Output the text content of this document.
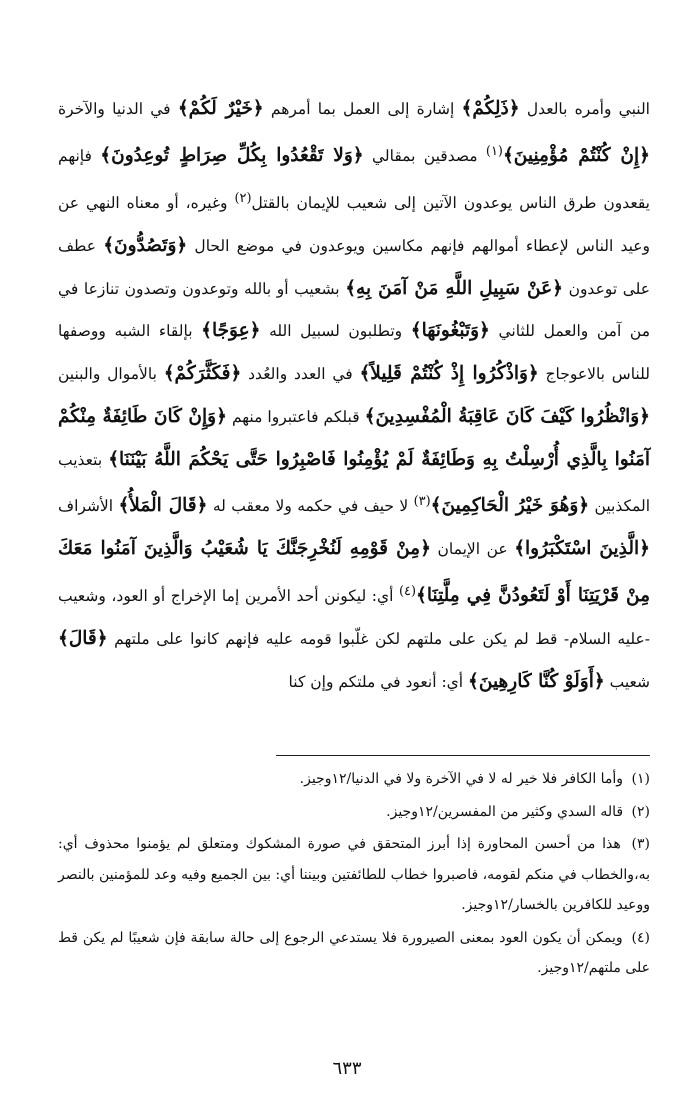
النبي وأمره بالعدل ﴿ذَلِكُمْ﴾ إشارة إلى العمل بما أمرهم ﴿خَيْرٌ لَكُمْ﴾ في الدنيا والآخرة ﴿إِنْ كُنْتُمْ مُؤْمِنِينَ﴾$^{(١)}$ مصدقين بمقالي ﴿وَلا تَقْعُدُوا بِكُلِّ صِرَاطٍ تُوعِدُونَ﴾ فإنهم يقعدون طرق الناس يوعدون الآتين إلى شعيب للإيمان بالقتل$^{(٢)}$ وغيره، أو معناه النهي عن وعيد الناس لإعطاء أموالهم فإنهم مكاسين ويوعدون في موضع الحال ﴿وَتَصُدُّونَ﴾ عطف على توعدون ﴿عَنْ سَبِيلِ اللَّهِ مَنْ آمَنَ بِهِ﴾ بشعيب أو بالله وتوعدون وتصدون تنازعا في من آمن والعمل للثاني ﴿وَتَبْغُونَهَا﴾ وتطلبون لسبيل الله ﴿عِوَجًا﴾ بإلقاء الشبه ووصفها للناس بالاعوجاج ﴿وَاذْكُرُوا إِذْ كُنْتُمْ قَلِيلاً﴾ في العدد والعُدد ﴿فَكَثَّرَكُمْ﴾ بالأموال والبنين ﴿وَانْظُرُوا كَيْفَ كَانَ عَاقِبَةُ الْمُفْسِدِينَ﴾ قبلكم فاعتبروا منهم ﴿وَإِنْ كَانَ طَائِفَةٌ مِنْكُمْ آمَنُوا بِالَّذِي أُرْسِلْتُ بِهِ وَطَائِفَةٌ لَمْ يُؤْمِنُوا فَاصْبِرُوا حَتَّى يَحْكُمَ اللَّهُ بَيْنَنَا﴾ بتعذيب المكذبين ﴿وَهُوَ خَيْرُ الْحَاكِمِينَ﴾$^{(٣)}$ لا حيف في حكمه ولا معقب له ﴿قَالَ الْمَلأُ﴾ الأشراف ﴿الَّذِينَ اسْتَكْبَرُوا﴾ عن الإيمان ﴿مِنْ قَوْمِهِ لَنُخْرِجَنَّكَ يَا شُعَيْبُ وَالَّذِينَ آمَنُوا مَعَكَ مِنْ قَرْيَتِنَا أَوْ لَتَعُودُنَّ فِي مِلَّتِنَا﴾$^{(٤)}$ أي: ليكونن أحد الأمرين إما الإخراج أو العود، وشعيب -عليه السلام- قط لم يكن على ملتهم لكن غلّبوا قومه عليه فإنهم كانوا على ملتهم ﴿قَالَ﴾ شعيب ﴿أَوَلَوْ كُنَّا كَارِهِينَ﴾ أي: أنعود في ملتكم وإن كنا

(١) وأما الكافر فلا خير له لا في الآخرة ولا في الدنيا/١٢وجيز.

(٢) قاله السدي وكثير من المفسرين/١٢وجيز.

(٣) هذا من أحسن المحاورة إذا أبرز المتحقق في صورة المشكوك ومتعلق لم يؤمنوا محذوف أي: به،والخطاب في منكم لقومه، فاصبروا خطاب للطائفتين وبيننا أي: بين الجميع وفيه وعد للمؤمنين بالنصر ووعيد للكافرين بالخسار/١٢وجيز.

(٤) ويمكن أن يكون العود بمعنى الصيرورة فلا يستدعي الرجوع إلى حالة سابقة فإن شعيبًا لم يكن قط على ملتهم/١٢وجيز.

٦٣٣
